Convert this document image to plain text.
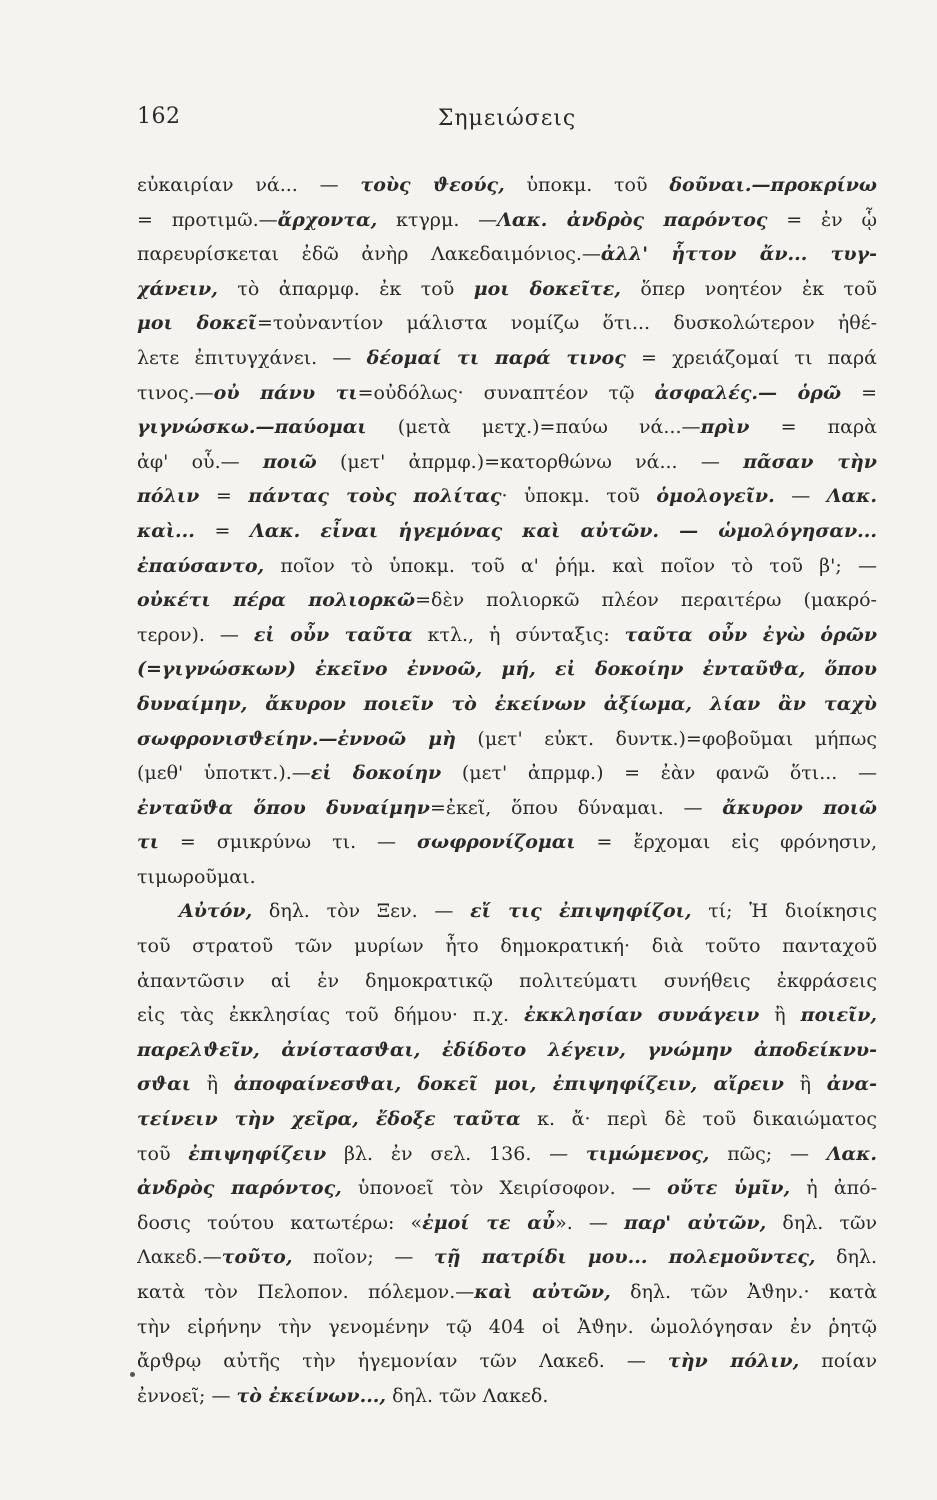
162	Σημειώσεις
εὐκαιρίαν νά... — τοὺς ϑεούς, ὑποκμ. τοῦ δοῦναι.—προκρίνω
= προτιμῶ.—ἄρχοντα, κτγρμ. —Λακ. ἀνδρὸς παρόντος = ἐν ᾧ
παρευρίσκεται ἐδῶ ἀνὴρ Λακεδαιμόνιος.—ἀλλ' ἧττον ἄν... τυγ-
χάνειν, τὸ ἀπαρμφ. ἐκ τοῦ μοι δοκεῖτε, ὅπερ νοητέον ἐκ τοῦ
μοι δοκεῖ=τοὐναντίον μάλιστα νομίζω ὅτι... δυσκολώτερον ἠθέ-
λετε ἐπιτυγχάνει. — δέομαί τι παρά τινος = χρειάζομαί τι παρά
τινος.—οὐ πάνυ τι=οὐδόλως· συναπτέον τῷ ἀσφαλές.— ὁρῶ =
γιγνώσκω.—παύομαι (μετὰ μετχ.)=παύω νά...—πρὶν = παρὰ
ἀφ' οὗ.— ποιῶ (μετ' ἀπρμφ.)=κατορθώνω νά... — πᾶσαν τὴν
πόλιν = πάντας τοὺς πολίτας· ὑποκμ. τοῦ ὁμολογεῖν. — Λακ.
καὶ... = Λακ. εἶναι ἡγεμόνας καὶ αὐτῶν. — ὡμολόγησαν...
ἐπαύσαντο, ποῖον τὸ ὑποκμ. τοῦ α' ῥήμ. καὶ ποῖον τὸ τοῦ β'; —
οὐκέτι πέρα πολιορκῶ=δὲν πολιορκῶ πλέον περαιτέρω (μακρό-
τερον). — εἰ οὖν ταῦτα κτλ., ἡ σύνταξις: ταῦτα οὖν ἐγὼ ὁρῶν
(=γιγνώσκων) ἐκεῖνο ἐννοῶ, μή, εἰ δοκοίην ἐνταῦϑα, ὅπου
δυναίμην, ἄκυρον ποιεῖν τὸ ἐκείνων ἀξίωμα, λίαν ἂν ταχὺ
σωφρονισϑείην.—ἐννοῶ μὴ (μετ' εὐκτ. δυντκ.)=φοβοῦμαι μήπως
(μεθ' ὑποτκτ.).—εἰ δοκοίην (μετ' ἀπρμφ.) = ἐὰν φανῶ ὅτι... —
ἐνταῦϑα ὅπου δυναίμην=ἐκεῖ, ὅπου δύναμαι. — ἄκυρον ποιῶ
τι = σμικρύνω τι. — σωφρονίζομαι = ἔρχομαι εἰς φρόνησιν,
τιμωροῦμαι.
Αὐτόν, δηλ. τὸν Ξεν. — εἴ τις ἐπιψηφίζοι, τί; Ἡ διοίκησις
τοῦ στρατοῦ τῶν μυρίων ἦτο δημοκρατική· διὰ τοῦτο πανταχοῦ
ἀπαντῶσιν αἱ ἐν δημοκρατικῷ πολιτεύματι συνήθεις ἐκφράσεις
εἰς τὰς ἐκκλησίας τοῦ δήμου· π.χ. ἐκκλησίαν συνάγειν ἢ ποιεῖν,
παρελϑεῖν, ἀνίστασϑαι, ἐδίδοτο λέγειν, γνώμην ἀποδείκνυ-
σϑαι ἢ ἀποφαίνεσϑαι, δοκεῖ μοι, ἐπιψηφίζειν, αἴρειν ἢ ἀνα-
τείνειν τὴν χεῖρα, ἔδοξε ταῦτα κ. ἄ· περὶ δὲ τοῦ δικαιώματος
τοῦ ἐπιψηφίζειν βλ. ἐν σελ. 136. — τιμώμενος, πῶς; — Λακ.
ἀνδρὸς παρόντος, ὑπονοεῖ τὸν Χειρίσοφον. — οὔτε ὑμῖν, ἡ ἀπό-
δοσις τούτου κατωτέρω: «ἐμοί τε αὖ». — παρ' αὐτῶν, δηλ. τῶν
Λακεδ.—τοῦτο, ποῖον; — τῇ πατρίδι μου... πολεμοῦντες, δηλ.
κατὰ τὸν Πελοπον. πόλεμον.—καὶ αὐτῶν, δηλ. τῶν Ἀϑην.· κατὰ
τὴν εἰρήνην τὴν γενομένην τῷ 404 οἱ Ἀϑην. ὡμολόγησαν ἐν ῥητῷ
ἄρϑρῳ αὐτῆς τὴν ἡγεμονίαν τῶν Λακεδ. — τὴν πόλιν, ποίαν
ἐννοεῖ; — τὸ ἐκείνων..., δηλ. τῶν Λακεδ.
